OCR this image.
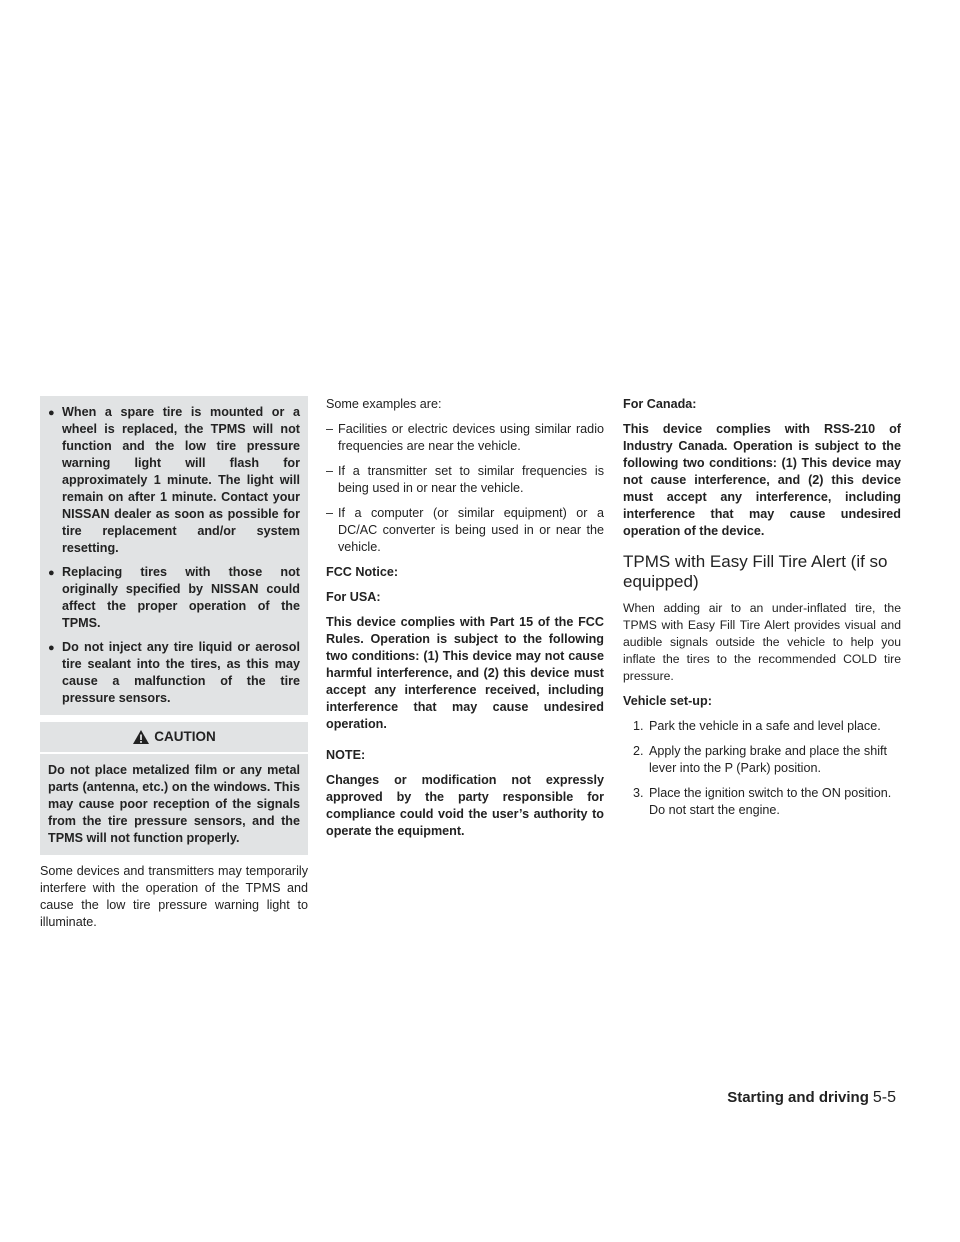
● When a spare tire is mounted or a wheel is replaced, the TPMS will not function and the low tire pressure warning light will flash for approximately 1 minute. The light will remain on after 1 minute. Contact your NISSAN dealer as soon as possible for tire replacement and/or system resetting.
● Replacing tires with those not originally specified by NISSAN could affect the proper operation of the TPMS.
● Do not inject any tire liquid or aerosol tire sealant into the tires, as this may cause a malfunction of the tire pressure sensors.
CAUTION
Do not place metalized film or any metal parts (antenna, etc.) on the windows. This may cause poor reception of the signals from the tire pressure sensors, and the TPMS will not function properly.

Some devices and transmitters may temporarily interfere with the operation of the TPMS and cause the low tire pressure warning light to illuminate.

Some examples are:

– Facilities or electric devices using similar radio frequencies are near the vehicle.
– If a transmitter set to similar frequencies is being used in or near the vehicle.
– If a computer (or similar equipment) or a DC/AC converter is being used in or near the vehicle.

FCC Notice:

For USA:

This device complies with Part 15 of the FCC Rules. Operation is subject to the following two conditions: (1) This device may not cause harmful interference, and (2) this device must accept any interference received, including interference that may cause undesired operation.

NOTE:

Changes or modification not expressly approved by the party responsible for compliance could void the user’s authority to operate the equipment.

For Canada:

This device complies with RSS-210 of Industry Canada. Operation is subject to the following two conditions: (1) This device may not cause interference, and (2) this device must accept any interference, including interference that may cause undesired operation of the device.

TPMS with Easy Fill Tire Alert (if so equipped)

When adding air to an under-inflated tire, the TPMS with Easy Fill Tire Alert provides visual and audible signals outside the vehicle to help you inflate the tires to the recommended COLD tire pressure.

Vehicle set-up:

1. Park the vehicle in a safe and level place.
2. Apply the parking brake and place the shift lever into the P (Park) position.
3. Place the ignition switch to the ON position. Do not start the engine.
Starting and driving 5-5
